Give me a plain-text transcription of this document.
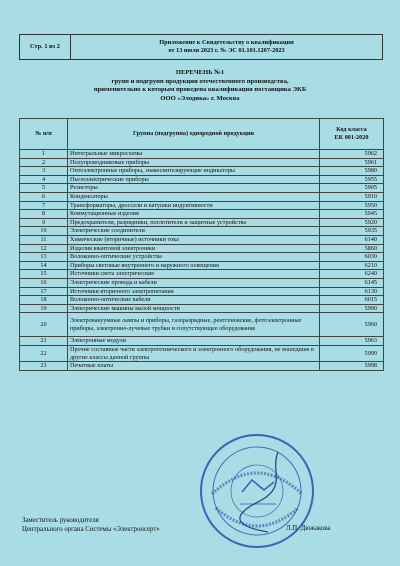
Стр. 1 из 2	Приложение к Свидетельству о квалификации
от 13 июля 2023 г. № ЭС 01.101.1207-2023
ПЕРЕЧЕНЬ №1
групп и подгрупп продукции отечественного производства,
применительно к которым проведена квалификация поставщика ЭКБ
ООО «Элодика» г. Москва
№ п/п	Группа (подгруппа) однородной продукции	Код класса
ЕК 001-2020
1	Интегральные микросхемы	5962
2	Полупроводниковые приборы	5961
3	Оптоэлектронные приборы, знакосинтезирующие индикаторы	5980
4	Пьезоэлектрические приборы	5955
5	Резисторы	5905
6	Конденсаторы	5910
7	Трансформаторы, дроссели и катушки индуктивности	5950
8	Коммутационные изделия	5945
9	Предохранители, разрядники, поглотители и защитные устройства	5920
10	Электрические соединители	5935
11	Химические (вторичные) источники тока	6140
12	Изделия квантовой электроники	5860
13	Волоконно-оптические устройства	6030
14	Приборы световые внутреннего и наружного освещения	6210
15	Источники света электрические	6240
16	Электрические провода и кабели	6145
17	Источники вторичного электропитания	6130
18	Волоконно-оптические кабели	6015
19	Электрические машины малой мощности	5990
20	Электровакуумные лампы и приборы, газоразрядные, рентгеновские, фотоэлектронные приборы, электронно-лучевые трубки и сопутствующее оборудование	5960
21	Электронные модули	5963
22	Прочие составные части электротехнического и электронного оборудования, не вошедшие в другие классы данной группы	5999
23	Печатные платы	5998
Заместитель руководителя
Центрального органа Системы «Электронсерт»	Л.П. Дюжакова
